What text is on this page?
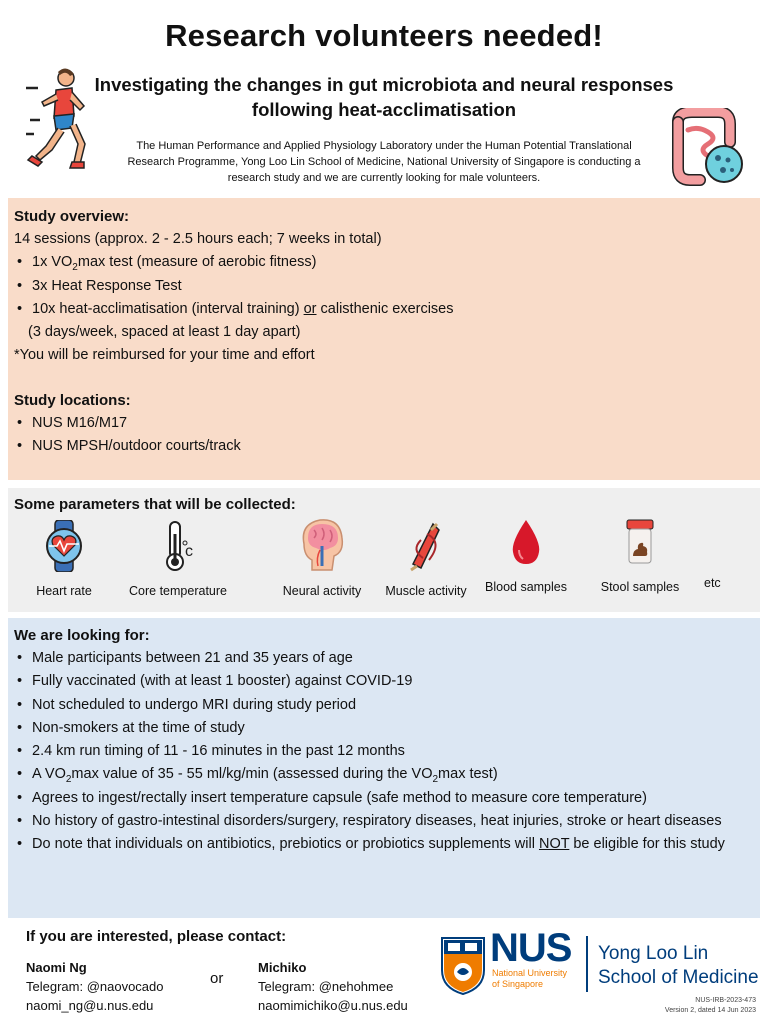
Research volunteers needed!
Investigating the changes in gut microbiota and neural responses
following heat-acclimatisation
The Human Performance and Applied Physiology Laboratory under the Human Potential Translational
Research Programme, Yong Loo Lin School of Medicine, National University of Singapore is conducting a
research study and we are currently looking for male volunteers.
Study overview:
14 sessions (approx. 2 - 2.5 hours each; 7 weeks in total)
• 1x $VO_2\max$ test (measure of aerobic fitness)
• 3x Heat Response Test
• 10x heat-acclimatisation (interval training) or calisthenic exercises
(3 days/week, spaced at least 1 day apart)
*You will be reimbursed for your time and effort
Study locations:
• NUS M16/M17
• NUS MPSH/outdoor courts/track
Some parameters that will be collected:
Heart rate
c
Core temperature	Neural activity	Muscle activity	Blood samples	Stool samples	etc
We are looking for:
• Male participants between 21 and 35 years of age
• Fully vaccinated (with at least 1 booster) against COVID-19
• Not scheduled to undergo MRI during study period
• Non-smokers at the time of study
• 2.4 km run timing of 11 - 16 minutes in the past 12 months
• A $VO_2\max$ value of 35 - 55 ml/kg/min (assessed during the $VO_2\max$ test)
• Agrees to ingest/rectally insert temperature capsule (safe method to measure core temperature)
• No history of gastro-intestinal disorders/surgery, respiratory diseases, heat injuries, stroke or heart diseases
• Do note that individuals on antibiotics, prebiotics or probiotics supplements will NOT be eligible for this study
If you are interested, please contact:
Naomi Ng
Telegram: @naovocado
naomi_ng@u.nus.edu
or
Michiko
Telegram: @nehohmee
naomimichiko@u.nus.edu
NUS
National University
of Singapore
Yong Loo Lin
School of Medicine
NUS-IRB-2023-473
Version 2, dated 14 Jun 2023
